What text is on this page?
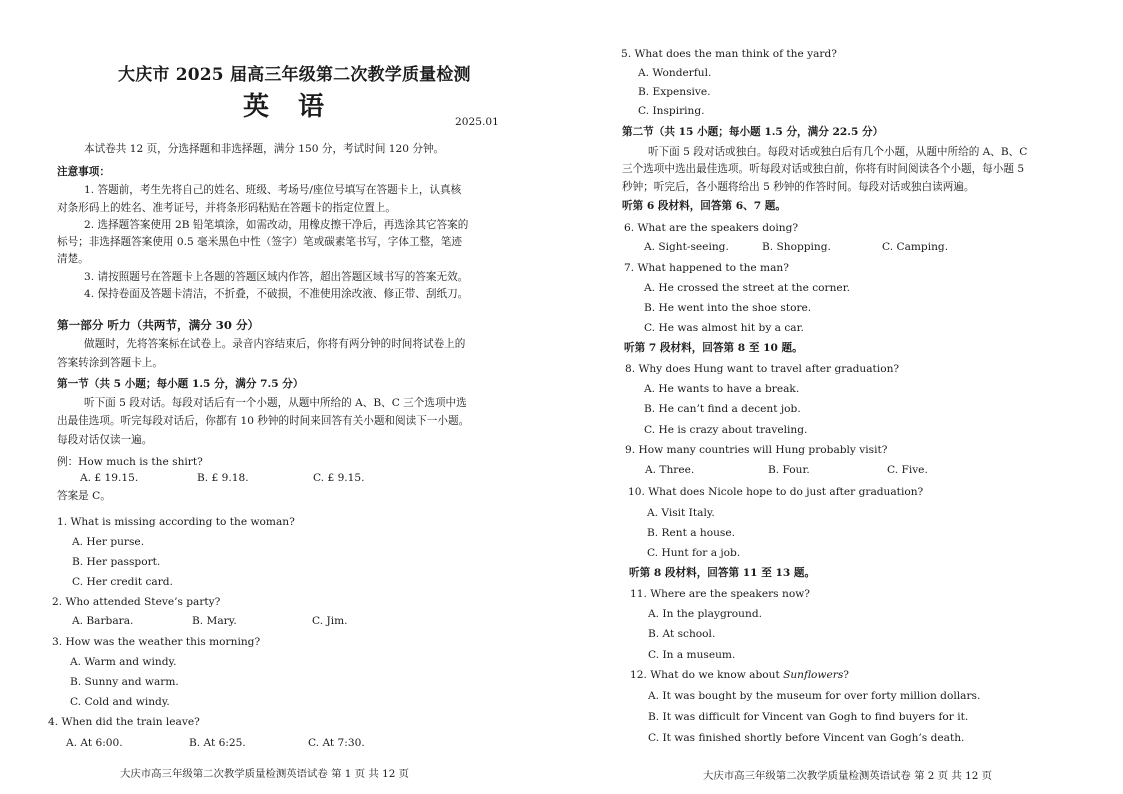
大庆市 2025 届高三年级第二次教学质量检测
英 语	2025.01
本试卷共 12 页，分选择题和非选择题，满分 150 分，考试时间 120 分钟。
注意事项：
1. 答题前，考生先将自己的姓名、班级、考场号/座位号填写在答题卡上，认真核
对条形码上的姓名、准考证号，并将条形码粘贴在答题卡的指定位置上。
2. 选择题答案使用 2B 铅笔填涂，如需改动，用橡皮擦干净后，再选涂其它答案的
标号；非选择题答案使用 0.5 毫米黑色中性（签字）笔或碳素笔书写，字体工整，笔迹
清楚。
3. 请按照题号在答题卡上各题的答题区域内作答，超出答题区域书写的答案无效。
4. 保持卷面及答题卡清洁，不折叠，不破损，不准使用涂改液、修正带、刮纸刀。
第一部分 听力（共两节，满分 30 分）
做题时，先将答案标在试卷上。录音内容结束后，你将有两分钟的时间将试卷上的
答案转涂到答题卡上。
第一节（共 5 小题；每小题 1.5 分，满分 7.5 分）
听下面 5 段对话。每段对话后有一个小题，从题中所给的 A、B、C 三个选项中选
出最佳选项。听完每段对话后，你都有 10 秒钟的时间来回答有关小题和阅读下一小题。
每段对话仅读一遍。
例：How much is the shirt?
A. £ 19.15.	B. £ 9.18.	C. £ 9.15.
答案是 C。
1. What is missing according to the woman?
A. Her purse.
B. Her passport.
C. Her credit card.
2. Who attended Steve’s party?
A. Barbara.	B. Mary.	C. Jim.
3. How was the weather this morning?
A. Warm and windy.
B. Sunny and warm.
C. Cold and windy.
4. When did the train leave?
A. At 6:00.	B. At 6:25.	C. At 7:30.
大庆市高三年级第二次教学质量检测英语试卷 第 1 页 共 12 页
5. What does the man think of the yard?
A. Wonderful.
B. Expensive.
C. Inspiring.
第二节（共 15 小题；每小题 1.5 分，满分 22.5 分）
听下面 5 段对话或独白。每段对话或独白后有几个小题，从题中所给的 A、B、C
三个选项中选出最佳选项。听每段对话或独白前，你将有时间阅读各个小题，每小题 5
秒钟；听完后，各小题将给出 5 秒钟的作答时间。每段对话或独白读两遍。
听第 6 段材料，回答第 6、7 题。
6. What are the speakers doing?
A. Sight-seeing.	B. Shopping.	C. Camping.
7. What happened to the man?
A. He crossed the street at the corner.
B. He went into the shoe store.
C. He was almost hit by a car.
听第 7 段材料，回答第 8 至 10 题。
8. Why does Hung want to travel after graduation?
A. He wants to have a break.
B. He can’t find a decent job.
C. He is crazy about traveling.
9. How many countries will Hung probably visit?
A. Three.	B. Four.	C. Five.
10. What does Nicole hope to do just after graduation?
A. Visit Italy.
B. Rent a house.
C. Hunt for a job.
听第 8 段材料，回答第 11 至 13 题。
11. Where are the speakers now?
A. In the playground.
B. At school.
C. In a museum.
12. What do we know about Sunflowers?
A. It was bought by the museum for over forty million dollars.
B. It was difficult for Vincent van Gogh to find buyers for it.
C. It was finished shortly before Vincent van Gogh’s death.
大庆市高三年级第二次教学质量检测英语试卷 第 2 页 共 12 页
